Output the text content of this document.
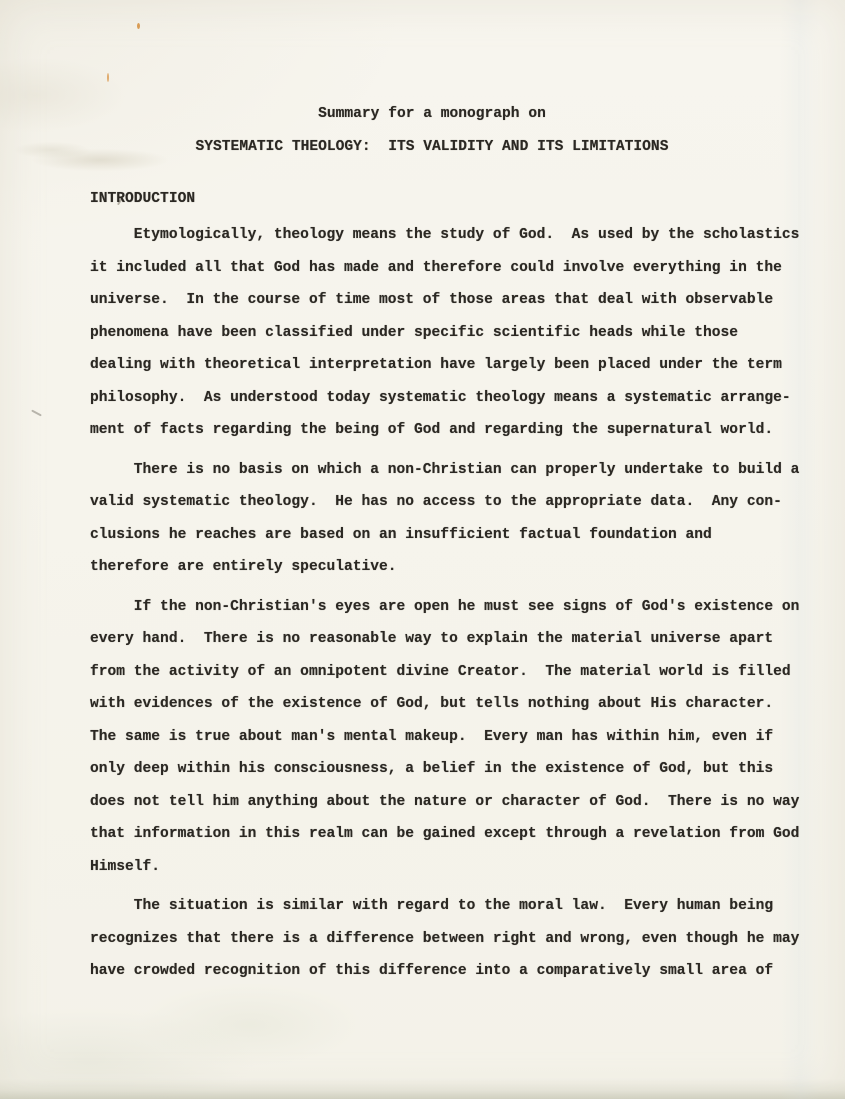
Summary for a monograph on
SYSTEMATIC THEOLOGY:  ITS VALIDITY AND ITS LIMITATIONS
INTRODUCTION
Etymologically, theology means the study of God.  As used by the scholastics
it included all that God has made and therefore could involve everything in the
universe.  In the course of time most of those areas that deal with observable
phenomena have been classified under specific scientific heads while those
dealing with theoretical interpretation have largely been placed under the term
philosophy.  As understood today systematic theology means a systematic arrange-
ment of facts regarding the being of God and regarding the supernatural world.
There is no basis on which a non-Christian can properly undertake to build a
valid systematic theology.  He has no access to the appropriate data.  Any con-
clusions he reaches are based on an insufficient factual foundation and
therefore are entirely speculative.
If the non-Christian's eyes are open he must see signs of God's existence on
every hand.  There is no reasonable way to explain the material universe apart
from the activity of an omnipotent divine Creator.  The material world is filled
with evidences of the existence of God, but tells nothing about His character.
The same is true about man's mental makeup.  Every man has within him, even if
only deep within his consciousness, a belief in the existence of God, but this
does not tell him anything about the nature or character of God.  There is no way
that information in this realm can be gained except through a revelation from God
Himself.
The situation is similar with regard to the moral law.  Every human being
recognizes that there is a difference between right and wrong, even though he may
have crowded recognition of this difference into a comparatively small area of
